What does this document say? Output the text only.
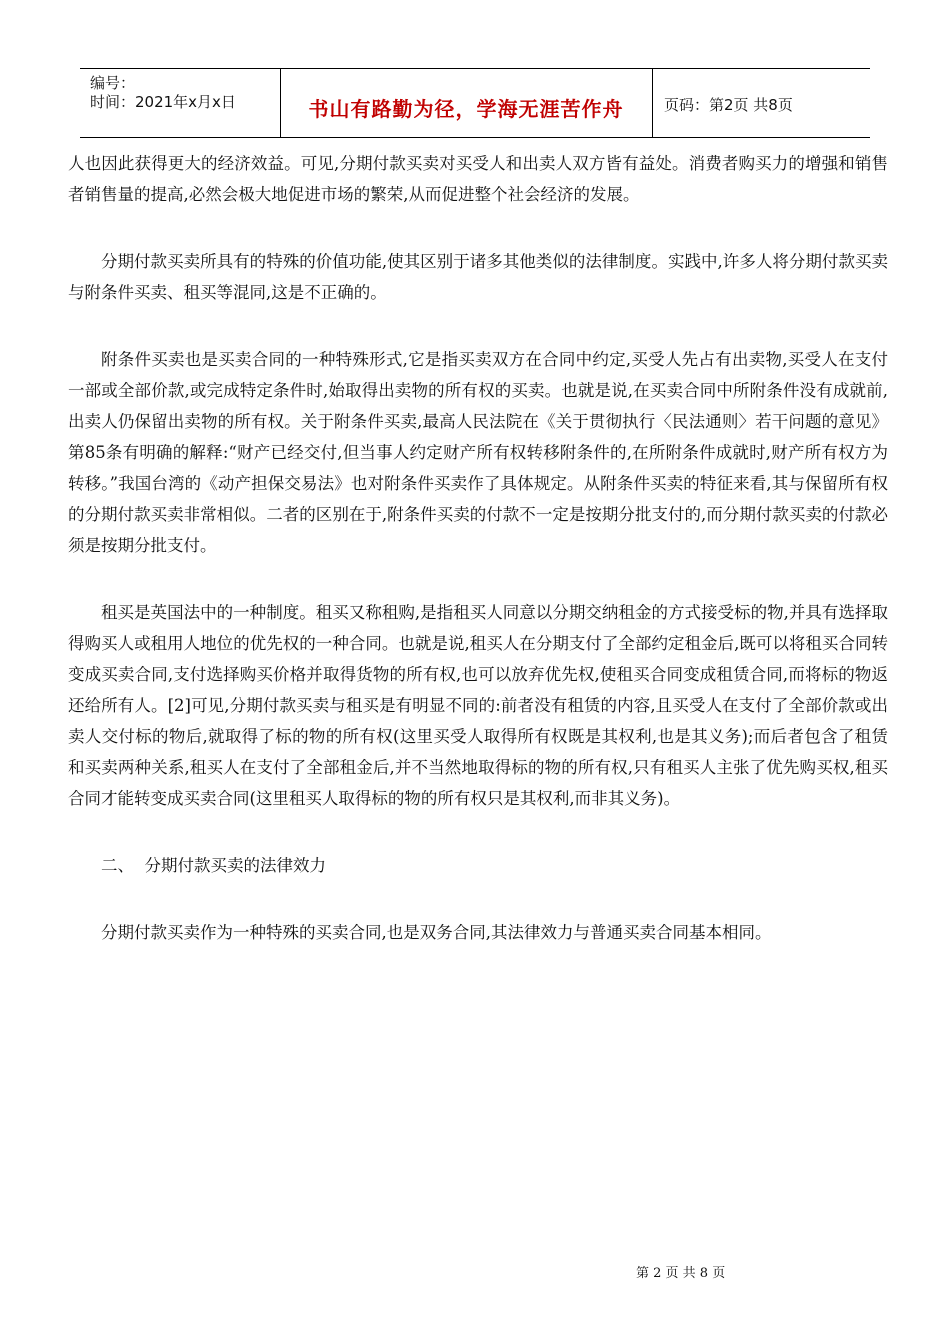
编号：
时间：2021年x月x日	书山有路勤为径，学海无涯苦作舟	页码：第2页 共8页

人也因此获得更大的经济效益。可见,分期付款买卖对买受人和出卖人双方皆有益处。消费者购买力的增强和销售者销售量的提高,必然会极大地促进市场的繁荣,从而促进整个社会经济的发展。

分期付款买卖所具有的特殊的价值功能,使其区别于诸多其他类似的法律制度。实践中,许多人将分期付款买卖与附条件买卖、租买等混同,这是不正确的。

附条件买卖也是买卖合同的一种特殊形式,它是指买卖双方在合同中约定,买受人先占有出卖物,买受人在支付一部或全部价款,或完成特定条件时,始取得出卖物的所有权的买卖。也就是说,在买卖合同中所附条件没有成就前,出卖人仍保留出卖物的所有权。关于附条件买卖,最高人民法院在《关于贯彻执行〈民法通则〉若干问题的意见》第85条有明确的解释:“财产已经交付,但当事人约定财产所有权转移附条件的,在所附条件成就时,财产所有权方为转移。”我国台湾的《动产担保交易法》也对附条件买卖作了具体规定。从附条件买卖的特征来看,其与保留所有权的分期付款买卖非常相似。二者的区别在于,附条件买卖的付款不一定是按期分批支付的,而分期付款买卖的付款必须是按期分批支付。

租买是英国法中的一种制度。租买又称租购,是指租买人同意以分期交纳租金的方式接受标的物,并具有选择取得购买人或租用人地位的优先权的一种合同。也就是说,租买人在分期支付了全部约定租金后,既可以将租买合同转变成买卖合同,支付选择购买价格并取得货物的所有权,也可以放弃优先权,使租买合同变成租赁合同,而将标的物返还给所有人。[2]可见,分期付款买卖与租买是有明显不同的:前者没有租赁的内容,且买受人在支付了全部价款或出卖人交付标的物后,就取得了标的物的所有权(这里买受人取得所有权既是其权利,也是其义务);而后者包含了租赁和买卖两种关系,租买人在支付了全部租金后,并不当然地取得标的物的所有权,只有租买人主张了优先购买权,租买合同才能转变成买卖合同(这里租买人取得标的物的所有权只是其权利,而非其义务)。

二、  分期付款买卖的法律效力

分期付款买卖作为一种特殊的买卖合同,也是双务合同,其法律效力与普通买卖合同基本相同。

第 2 页 共 8 页
